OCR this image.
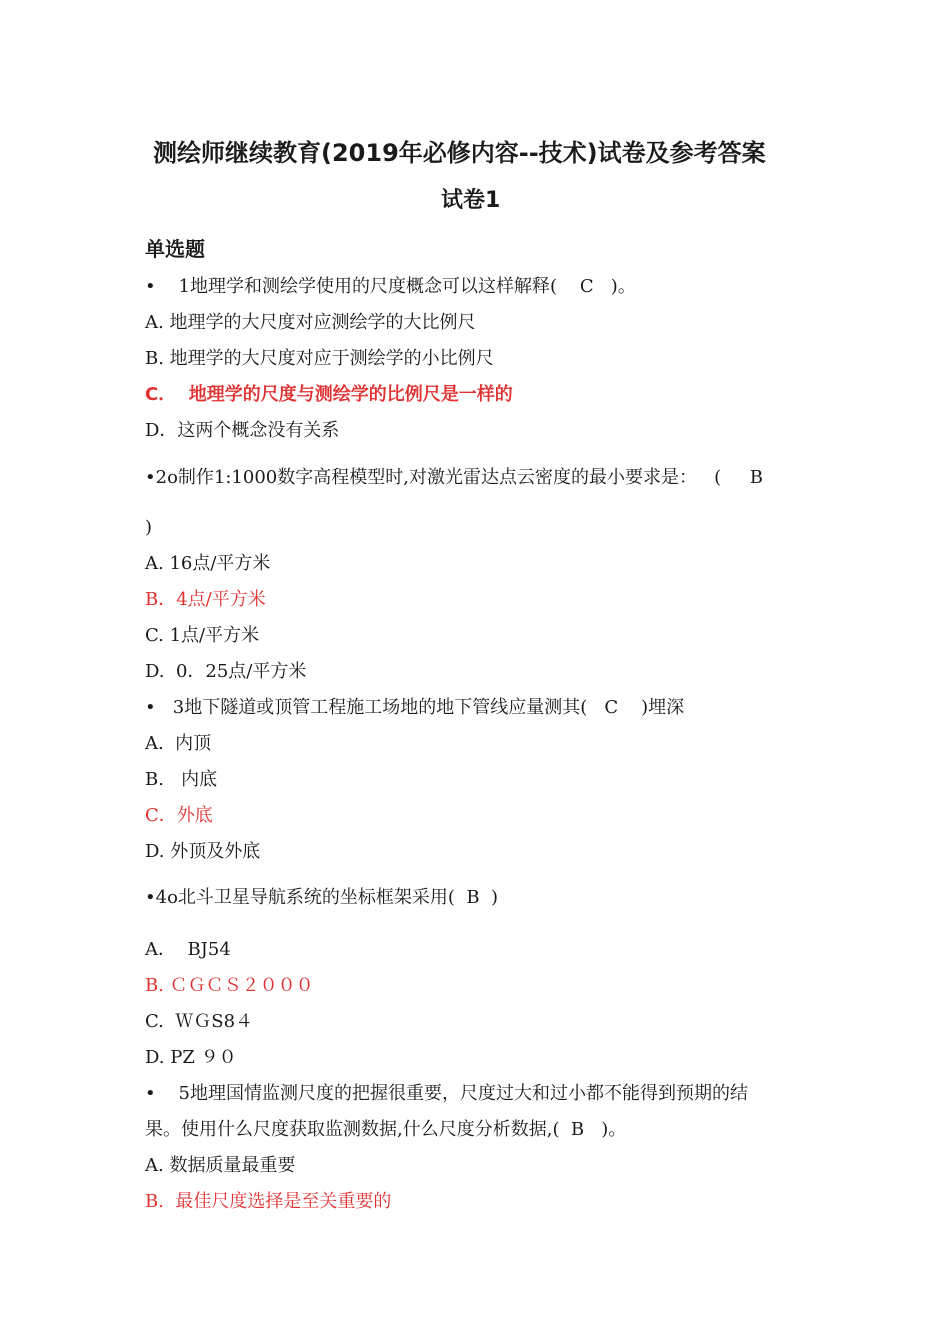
测绘师继续教育(2019年必修内容--技术)试卷及参考答案
试卷1
单选题
•    1地理学和测绘学使用的尺度概念可以这样解释(    C   )。
A. 地理学的大尺度对应测绘学的大比例尺
B. 地理学的大尺度对应于测绘学的小比例尺
C．  地理学的尺度与测绘学的比例尺是一样的
D．这两个概念没有关系
•2ο制作1:1000数字高程模型时,对激光雷达点云密度的最小要求是：   (     B
)
A. 16点/平方米
B．4点/平方米
C. 1点/平方米
D.  0．25点/平方米
•   3地下隧道或顶管工程施工场地的地下管线应量测其(   C    )埋深
A.  内顶
B.   内底
C．外底
D. 外顶及外底
•4ο北斗卫星导航系统的坐标框架采用(  B  )
A．  BJ54
B. ＣＧＣＳ２０００
C.  ＷＧS8４
D. PZ ９０
•    5地理国情监测尺度的把握很重要，尺度过大和过小都不能得到预期的结
果。使用什么尺度获取监测数据,什么尺度分析数据,(  B   )。
A. 数据质量最重要
B.  最佳尺度选择是至关重要的
